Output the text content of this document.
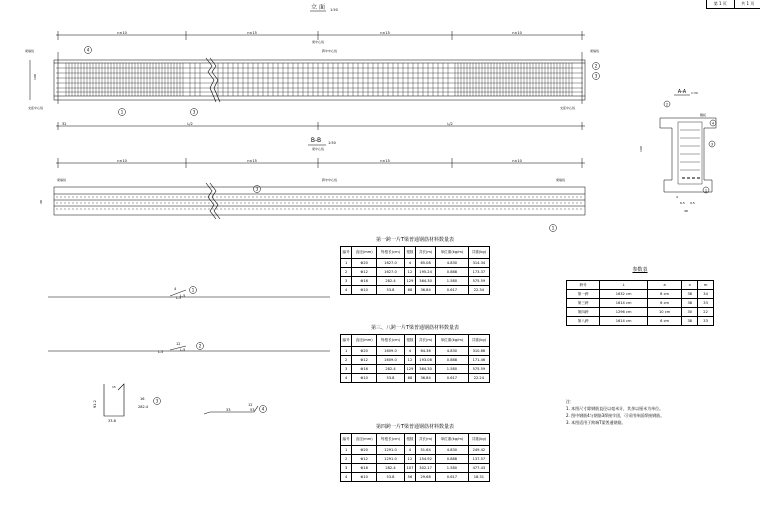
立 面 1:50
n×10	n×15	n×15	n×10
梁中心线
108
支座中心线	支座中心线
梁端线	梁端线
跨中中心线
4
1	3
2
3
32	L/2	L/2
B-B 1:50
n×10	n×15	n×15	n×10
梁中心线
梁端线	跨中中心线	梁端线
48
3
1
A-A 1:30
腹板
100
4
6.5 9.5
48
2
4
3
1
L-5
4
L-5
1
L-5
12
L-5
2
91.2
15
16
282.4
33.8
3
33	53
12
4
第一跨一片T梁普通钢筋材料数量表
编号	直径(mm)	每根长(cm)	根数	共长(m)	单位重(kg/m)	共重(kg)
1	Φ20	1627.0	4	65.08	4.830	314.34
2	Φ12	1627.0	12	195.24	0.888	173.37
3	Φ16	282.4	129	364.30	1.580	575.59
4	Φ10	53.8	68	36.84	0.617	22.34
第三、八跨一片T梁普通钢筋材料数量表
编号	直径(mm)	每根长(cm)	根数	共长(m)	单位重(kg/m)	共重(kg)
1	Φ20	1609.0	4	64.36	4.830	310.86
2	Φ12	1609.0	12	193.08	0.888	171.46
3	Φ16	282.4	129	364.30	1.580	575.59
4	Φ10	53.8	68	36.84	0.617	22.24
第四跨一片T梁普通钢筋材料数量表
编号	直径(mm)	每根长(cm)	根数	共长(m)	单位重(kg/m)	共重(kg)
1	Φ20	1291.0	4	51.64	4.830	249.42
2	Φ12	1291.0	12	154.92	0.888	137.57
3	Φ16	282.4	107	302.17	1.580	477.43
4	Φ10	53.8	56	29.68	0.617	18.31
参数表
跨号	L	a	n	m
第一跨	1632 cm	8 cm	38	34
第三跨	1614 cm	6 cm	38	33
第四跨	1296 cm	10 cm	30	22
第八跨	1614 cm	6 cm	38	33
注：
1. 本图尺寸除钢筋直径以毫米计，其余以厘米为单位。
2. 图中钢筋4与钢筋3焊接牢固，可采用单面焊接钢筋。
3. 本图适用于跨端T梁普通钢筋。
第 1 页	共 1 页
